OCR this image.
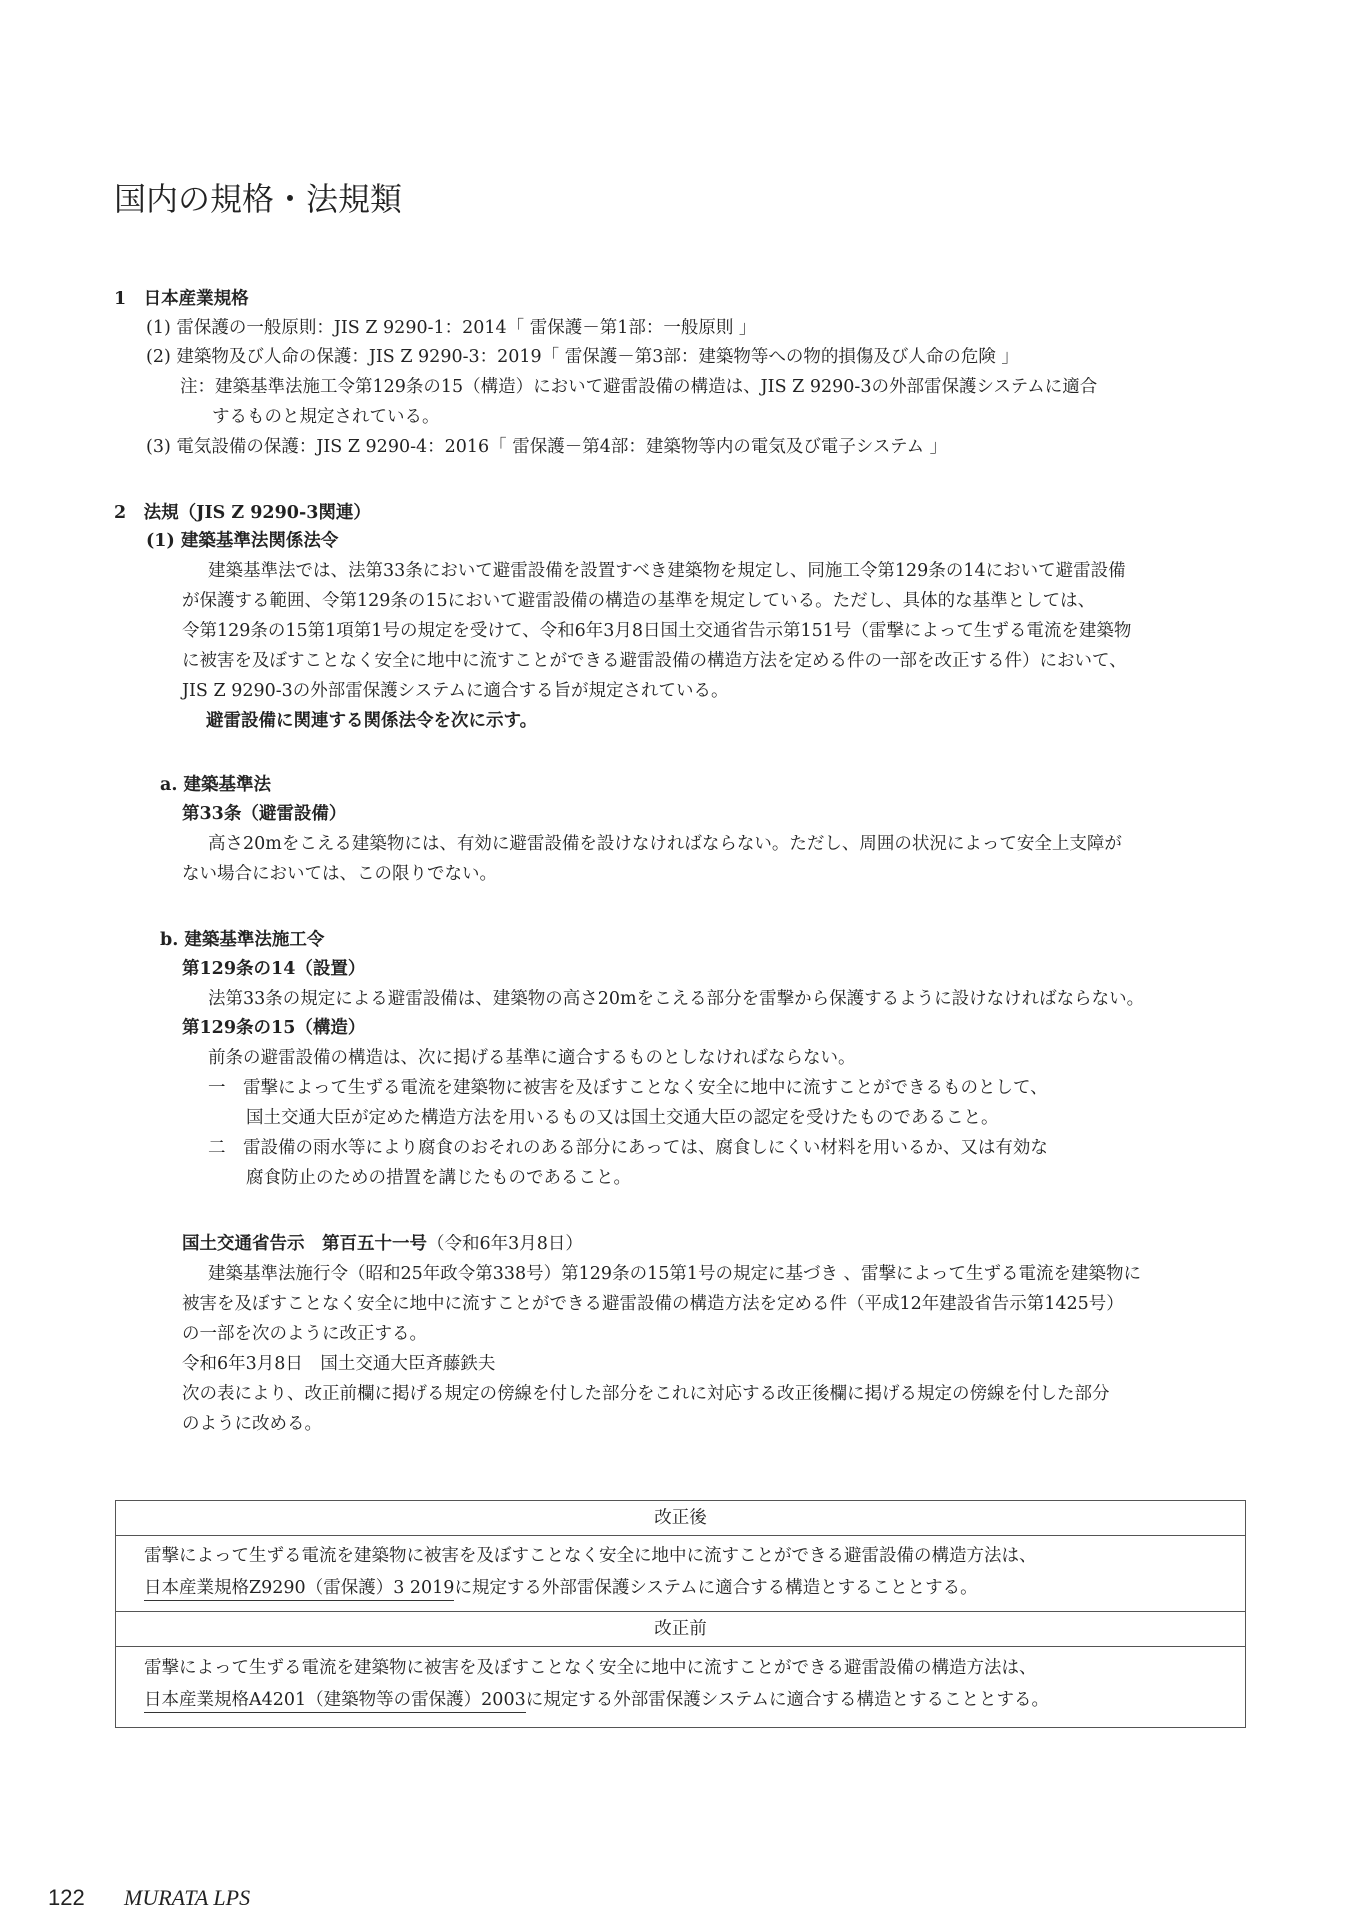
国内の規格・法規類
1　日本産業規格
(1) 雷保護の一般原則：JIS Z 9290-1：2014「 雷保護－第1部：一般原則 」
(2) 建築物及び人命の保護：JIS Z 9290-3：2019「 雷保護－第3部：建築物等への物的損傷及び人命の危険 」
注：建築基準法施工令第129条の15（構造）において避雷設備の構造は、JIS Z 9290-3の外部雷保護システムに適合
するものと規定されている。
(3) 電気設備の保護：JIS Z 9290-4：2016「 雷保護－第4部：建築物等内の電気及び電子システム 」
2　法規（JIS Z 9290-3関連）
(1) 建築基準法関係法令
建築基準法では、法第33条において避雷設備を設置すべき建築物を規定し、同施工令第129条の14において避雷設備
が保護する範囲、令第129条の15において避雷設備の構造の基準を規定している。ただし、具体的な基準としては、
令第129条の15第1項第1号の規定を受けて、令和6年3月8日国土交通省告示第151号（雷撃によって生ずる電流を建築物
に被害を及ぼすことなく安全に地中に流すことができる避雷設備の構造方法を定める件の一部を改正する件）において、
JIS Z 9290-3の外部雷保護システムに適合する旨が規定されている。
避雷設備に関連する関係法令を次に示す。
a. 建築基準法
第33条（避雷設備）
高さ20mをこえる建築物には、有効に避雷設備を設けなければならない。ただし、周囲の状況によって安全上支障が
ない場合においては、この限りでない。
b. 建築基準法施工令
第129条の14（設置）
法第33条の規定による避雷設備は、建築物の高さ20mをこえる部分を雷撃から保護するように設けなければならない。
第129条の15（構造）
前条の避雷設備の構造は、次に掲げる基準に適合するものとしなければならない。
一　雷撃によって生ずる電流を建築物に被害を及ぼすことなく安全に地中に流すことができるものとして、
国土交通大臣が定めた構造方法を用いるもの又は国土交通大臣の認定を受けたものであること。
二　雷設備の雨水等により腐食のおそれのある部分にあっては、腐食しにくい材料を用いるか、又は有効な
腐食防止のための措置を講じたものであること。
国土交通省告示　第百五十一号（令和6年3月8日）
建築基準法施行令（昭和25年政令第338号）第129条の15第1号の規定に基づき 、雷撃によって生ずる電流を建築物に
被害を及ぼすことなく安全に地中に流すことができる避雷設備の構造方法を定める件（平成12年建設省告示第1425号）
の一部を次のように改正する。
令和6年3月8日　国土交通大臣斉藤鉄夫
次の表により、改正前欄に掲げる規定の傍線を付した部分をこれに対応する改正後欄に掲げる規定の傍線を付した部分
のように改める。
改正後
雷撃によって生ずる電流を建築物に被害を及ぼすことなく安全に地中に流すことができる避雷設備の構造方法は、
日本産業規格Z9290（雷保護）3 2019に規定する外部雷保護システムに適合する構造とすることとする。
改正前
雷撃によって生ずる電流を建築物に被害を及ぼすことなく安全に地中に流すことができる避雷設備の構造方法は、
日本産業規格A4201（建築物等の雷保護）2003に規定する外部雷保護システムに適合する構造とすることとする。
122 MURATA LPS
